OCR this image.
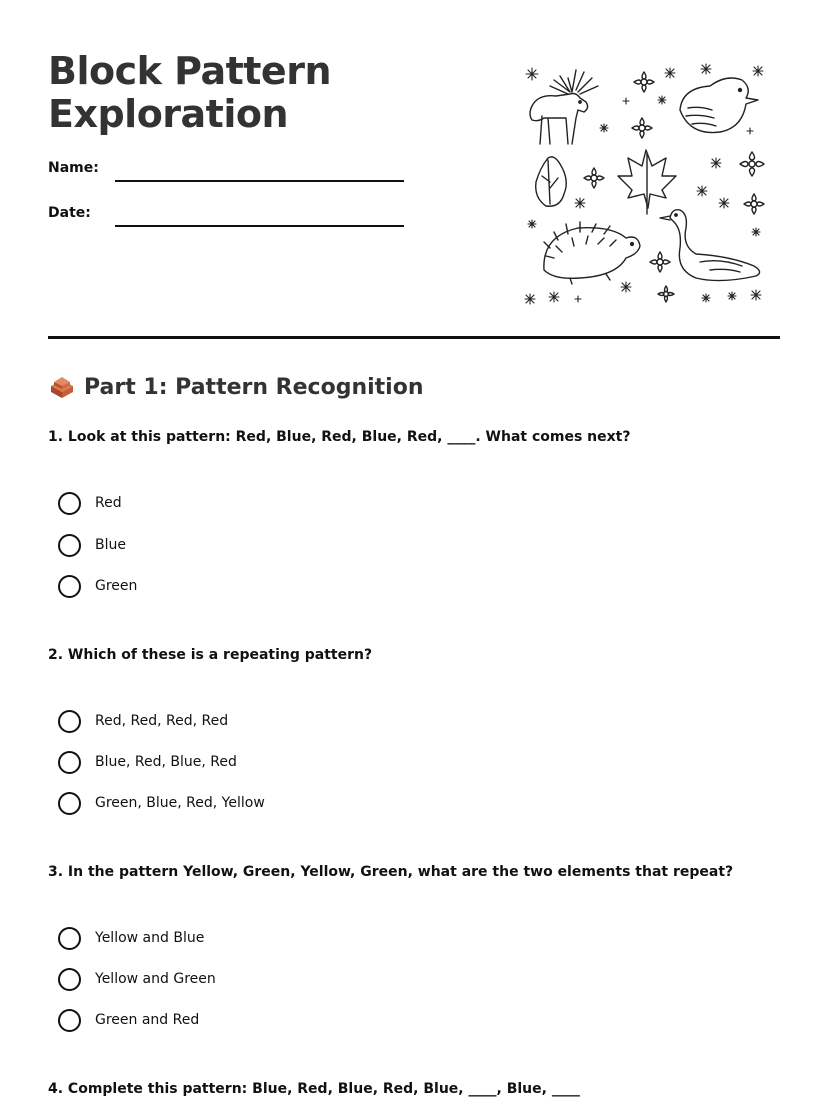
Block Pattern
Exploration
Name:
Date:
Part 1: Pattern Recognition
1. Look at this pattern: Red, Blue, Red, Blue, Red, ____. What comes next?
Red
Blue
Green
2. Which of these is a repeating pattern?
Red, Red, Red, Red
Blue, Red, Blue, Red
Green, Blue, Red, Yellow
3. In the pattern Yellow, Green, Yellow, Green, what are the two elements that repeat?
Yellow and Blue
Yellow and Green
Green and Red
4. Complete this pattern: Blue, Red, Blue, Red, Blue, ____, Blue, ____
